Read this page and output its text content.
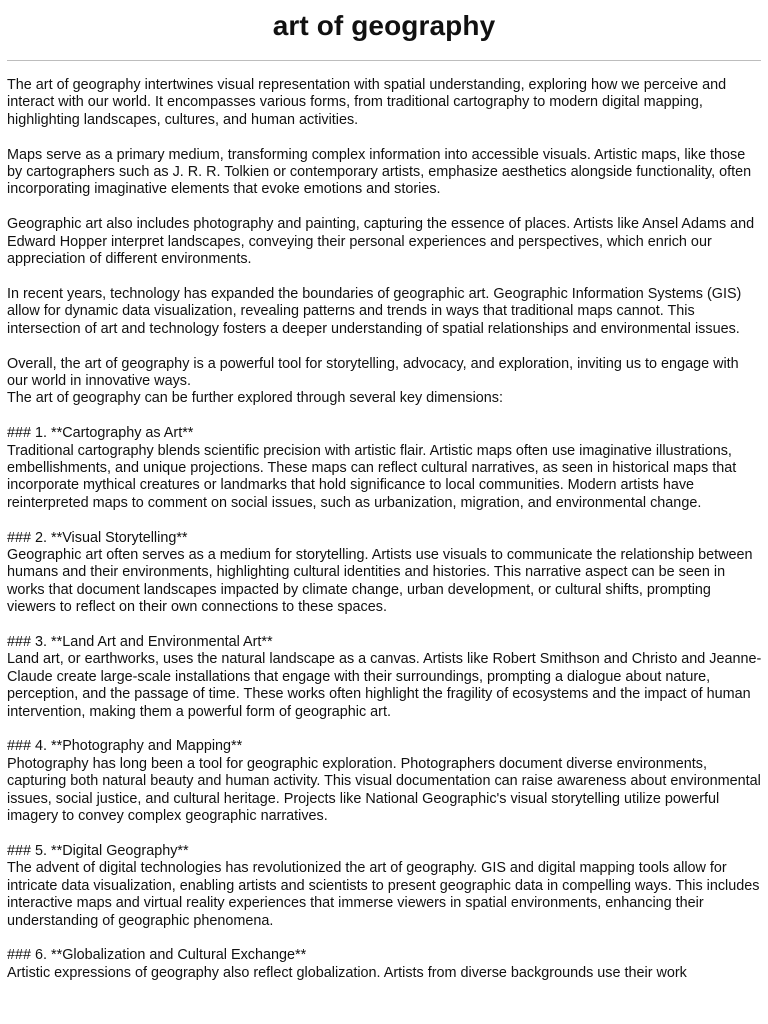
art of geography
The art of geography intertwines visual representation with spatial understanding, exploring how we perceive and interact with our world. It encompasses various forms, from traditional cartography to modern digital mapping, highlighting landscapes, cultures, and human activities.

Maps serve as a primary medium, transforming complex information into accessible visuals. Artistic maps, like those by cartographers such as J. R. R. Tolkien or contemporary artists, emphasize aesthetics alongside functionality, often incorporating imaginative elements that evoke emotions and stories.

Geographic art also includes photography and painting, capturing the essence of places. Artists like Ansel Adams and Edward Hopper interpret landscapes, conveying their personal experiences and perspectives, which enrich our appreciation of different environments.

In recent years, technology has expanded the boundaries of geographic art. Geographic Information Systems (GIS) allow for dynamic data visualization, revealing patterns and trends in ways that traditional maps cannot. This intersection of art and technology fosters a deeper understanding of spatial relationships and environmental issues.

Overall, the art of geography is a powerful tool for storytelling, advocacy, and exploration, inviting us to engage with our world in innovative ways.
The art of geography can be further explored through several key dimensions:

### 1. **Cartography as Art**
Traditional cartography blends scientific precision with artistic flair. Artistic maps often use imaginative illustrations, embellishments, and unique projections. These maps can reflect cultural narratives, as seen in historical maps that incorporate mythical creatures or landmarks that hold significance to local communities. Modern artists have reinterpreted maps to comment on social issues, such as urbanization, migration, and environmental change.

### 2. **Visual Storytelling**
Geographic art often serves as a medium for storytelling. Artists use visuals to communicate the relationship between humans and their environments, highlighting cultural identities and histories. This narrative aspect can be seen in works that document landscapes impacted by climate change, urban development, or cultural shifts, prompting viewers to reflect on their own connections to these spaces.

### 3. **Land Art and Environmental Art**
Land art, or earthworks, uses the natural landscape as a canvas. Artists like Robert Smithson and Christo and Jeanne-Claude create large-scale installations that engage with their surroundings, prompting a dialogue about nature, perception, and the passage of time. These works often highlight the fragility of ecosystems and the impact of human intervention, making them a powerful form of geographic art.

### 4. **Photography and Mapping**
Photography has long been a tool for geographic exploration. Photographers document diverse environments, capturing both natural beauty and human activity. This visual documentation can raise awareness about environmental issues, social justice, and cultural heritage. Projects like National Geographic's visual storytelling utilize powerful imagery to convey complex geographic narratives.

### 5. **Digital Geography**
The advent of digital technologies has revolutionized the art of geography. GIS and digital mapping tools allow for intricate data visualization, enabling artists and scientists to present geographic data in compelling ways. This includes interactive maps and virtual reality experiences that immerse viewers in spatial environments, enhancing their understanding of geographic phenomena.

### 6. **Globalization and Cultural Exchange**
Artistic expressions of geography also reflect globalization. Artists from diverse backgrounds use their work
